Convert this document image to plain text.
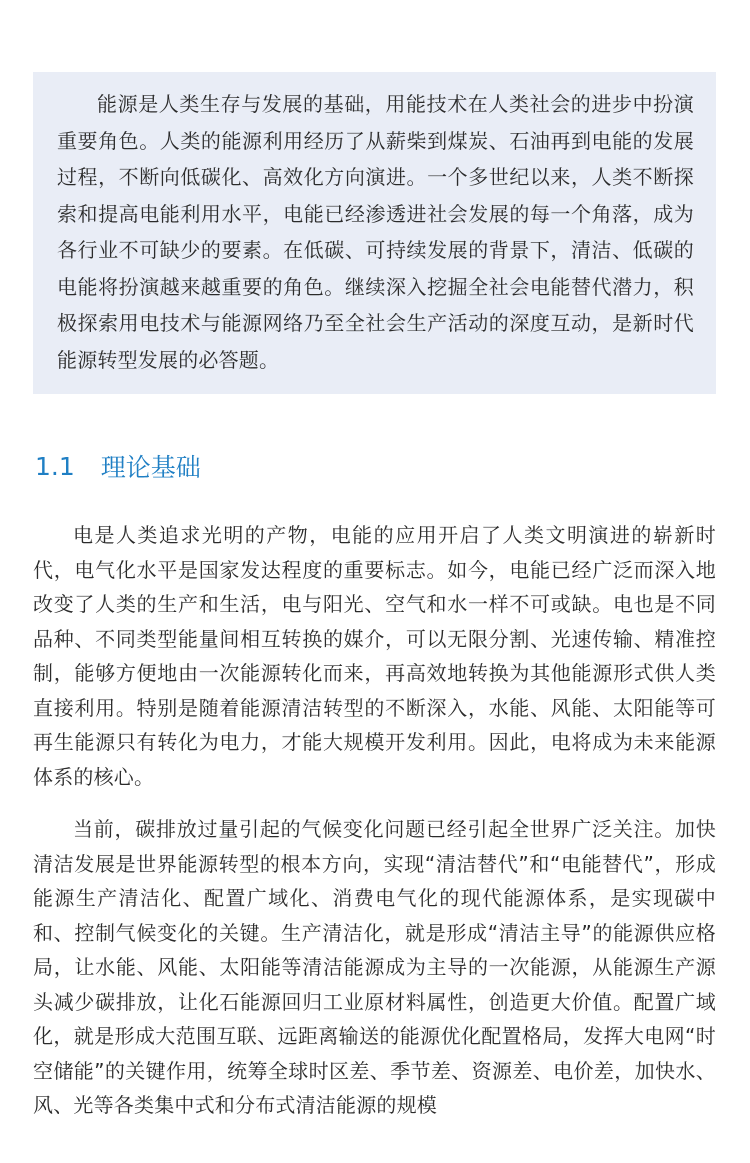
能源是人类生存与发展的基础，用能技术在人类社会的进步中扮演重要角色。人类的能源利用经历了从薪柴到煤炭、石油再到电能的发展过程，不断向低碳化、高效化方向演进。一个多世纪以来，人类不断探索和提高电能利用水平，电能已经渗透进社会发展的每一个角落，成为各行业不可缺少的要素。在低碳、可持续发展的背景下，清洁、低碳的电能将扮演越来越重要的角色。继续深入挖掘全社会电能替代潜力，积极探索用电技术与能源网络乃至全社会生产活动的深度互动，是新时代能源转型发展的必答题。

1.1 理论基础

电是人类追求光明的产物，电能的应用开启了人类文明演进的崭新时代，电气化水平是国家发达程度的重要标志。如今，电能已经广泛而深入地改变了人类的生产和生活，电与阳光、空气和水一样不可或缺。电也是不同品种、不同类型能量间相互转换的媒介，可以无限分割、光速传输、精准控制，能够方便地由一次能源转化而来，再高效地转换为其他能源形式供人类直接利用。特别是随着能源清洁转型的不断深入，水能、风能、太阳能等可再生能源只有转化为电力，才能大规模开发利用。因此，电将成为未来能源体系的核心。

当前，碳排放过量引起的气候变化问题已经引起全世界广泛关注。加快清洁发展是世界能源转型的根本方向，实现“清洁替代”和“电能替代”，形成能源生产清洁化、配置广域化、消费电气化的现代能源体系，是实现碳中和、控制气候变化的关键。生产清洁化，就是形成“清洁主导”的能源供应格局，让水能、风能、太阳能等清洁能源成为主导的一次能源，从能源生产源头减少碳排放，让化石能源回归工业原材料属性，创造更大价值。配置广域化，就是形成大范围互联、远距离输送的能源优化配置格局，发挥大电网“时空储能”的关键作用，统筹全球时区差、季节差、资源差、电价差，加快水、风、光等各类集中式和分布式清洁能源的规模
